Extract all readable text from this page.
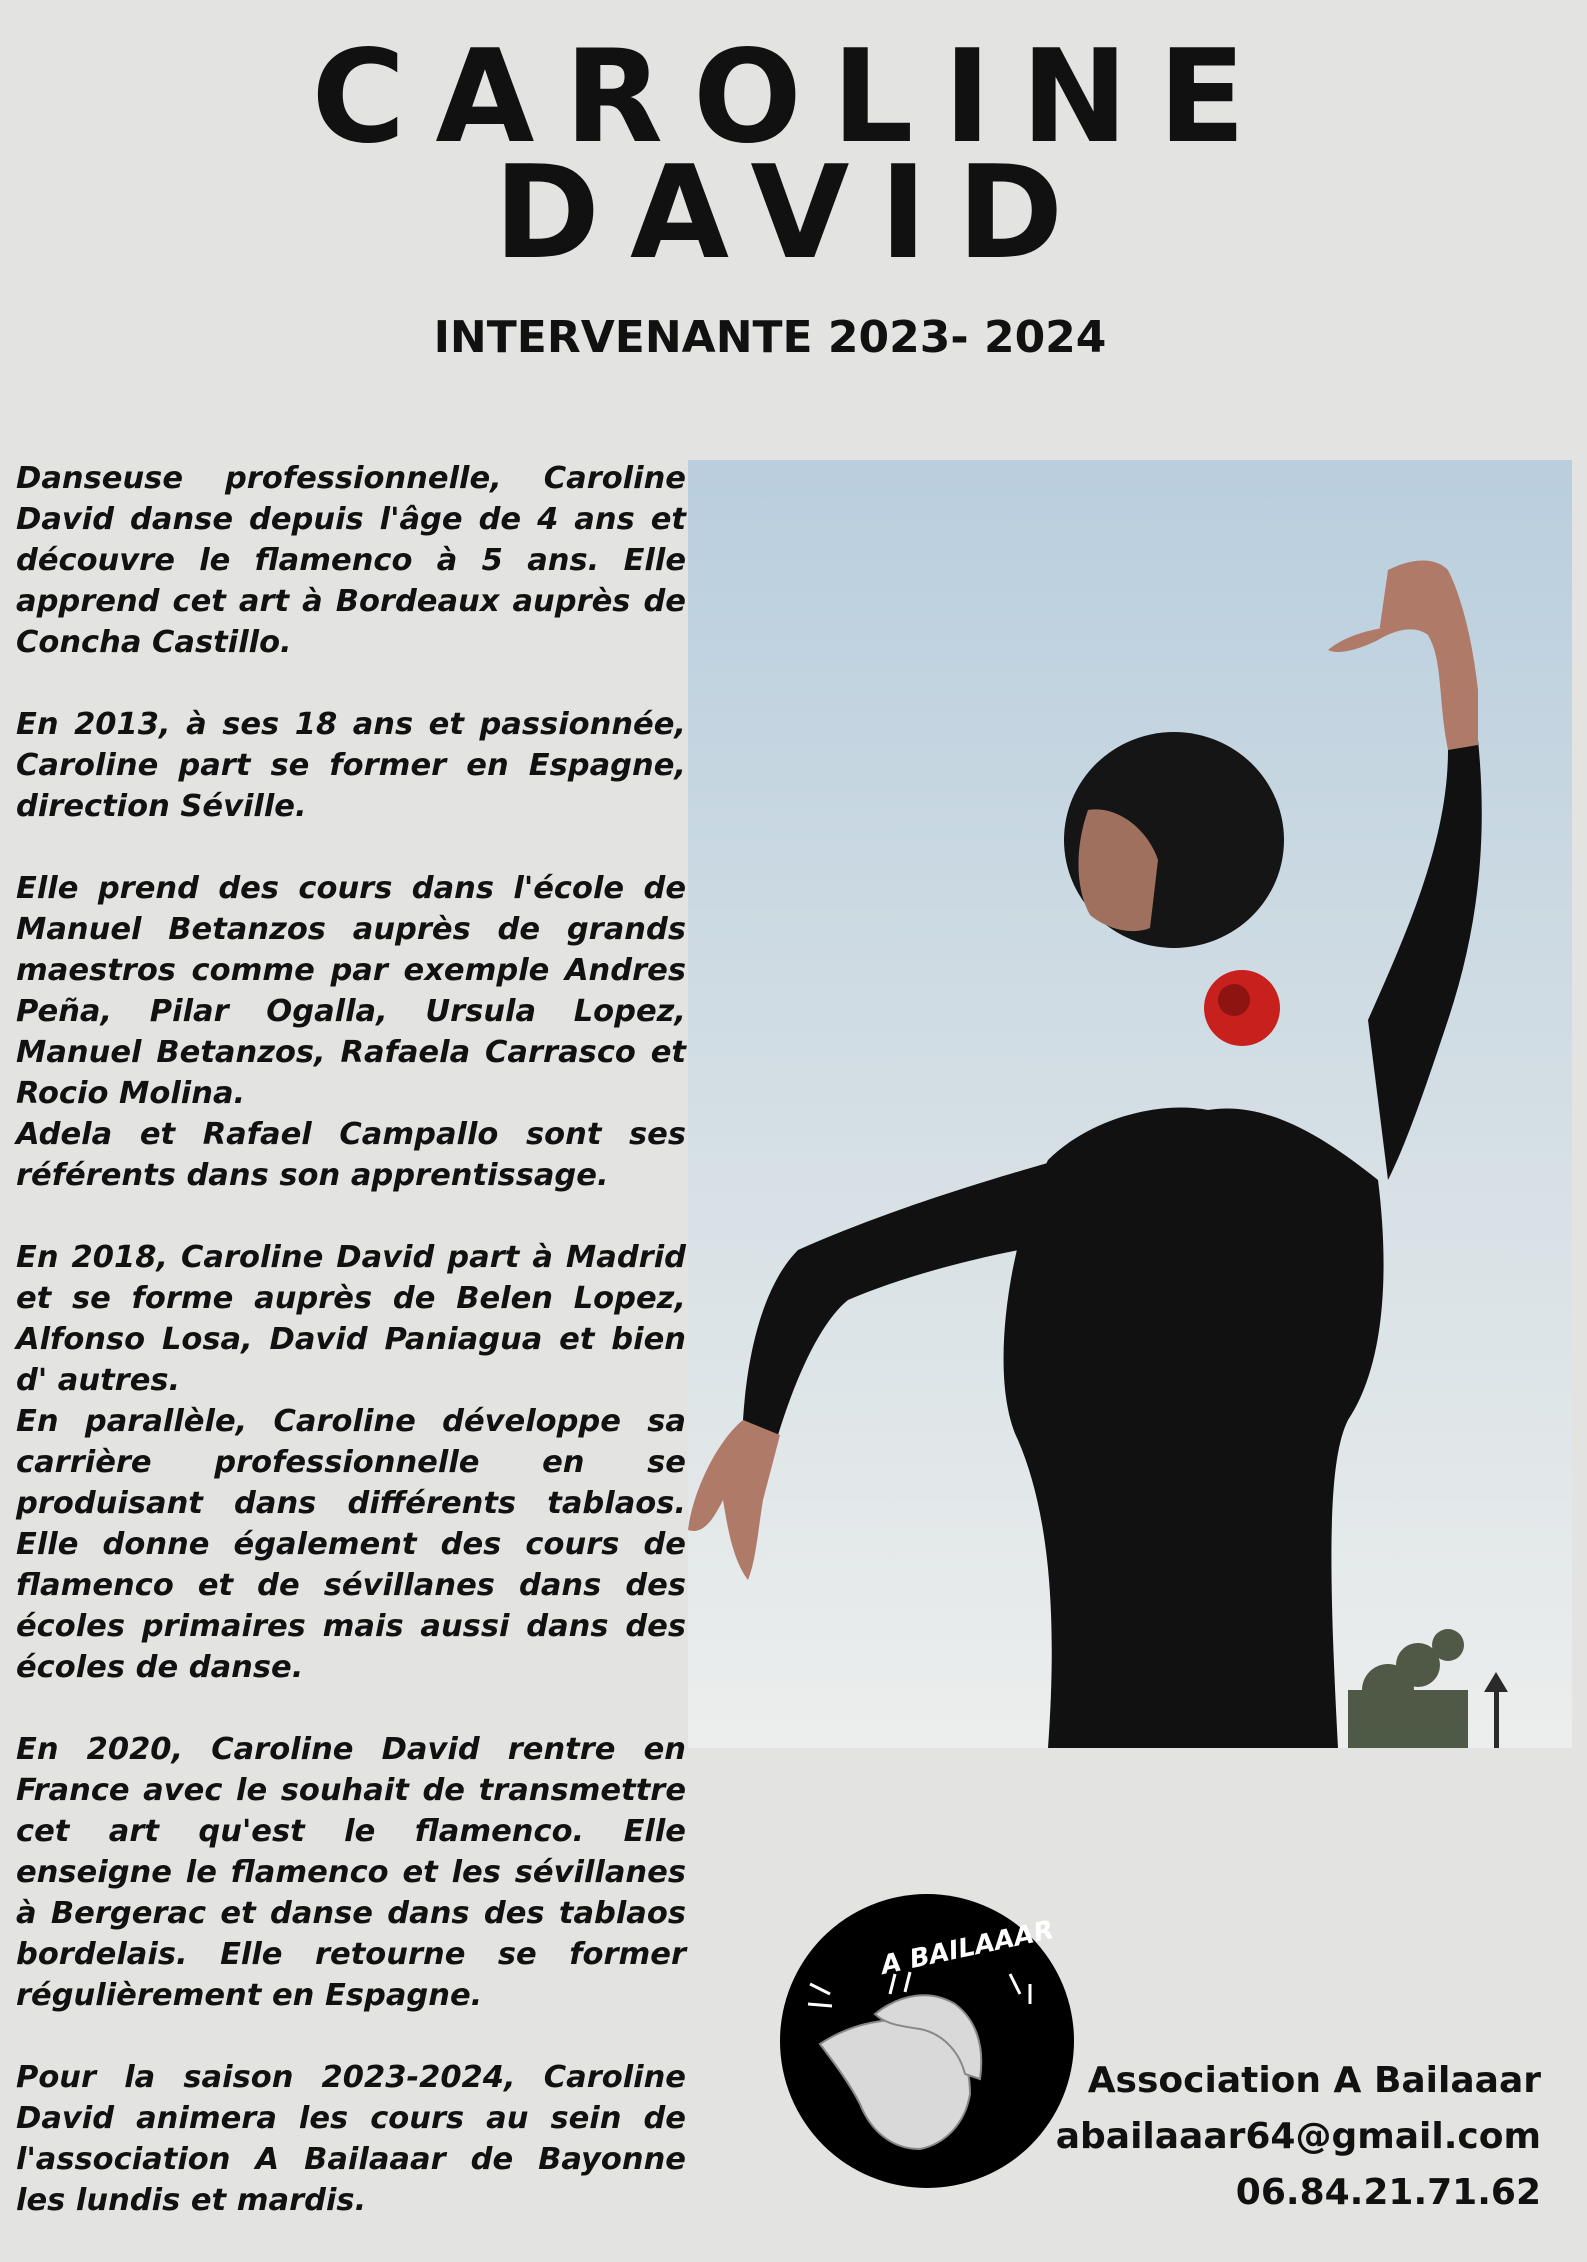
CAROLINE
DAVID
INTERVENANTE 2023- 2024

Danseuse professionnelle, Caroline David danse depuis l'âge de 4 ans et découvre le flamenco à 5 ans. Elle apprend cet art à Bordeaux auprès de Concha Castillo.

En 2013, à ses 18 ans et passionnée, Caroline part se former en Espagne, direction Séville.

Elle prend des cours dans l'école de Manuel Betanzos auprès de grands maestros comme par exemple Andres Peña, Pilar Ogalla, Ursula Lopez, Manuel Betanzos, Rafaela Carrasco et Rocio Molina.
Adela et Rafael Campallo sont ses référents dans son apprentissage.

En 2018, Caroline David part à Madrid et se forme auprès de Belen Lopez, Alfonso Losa, David Paniagua et bien d' autres.
En parallèle, Caroline développe sa carrière professionnelle en se produisant dans différents tablaos. Elle donne également des cours de flamenco et de sévillanes dans des écoles primaires mais aussi dans des écoles de danse.

En 2020, Caroline David rentre en France avec le souhait de transmettre cet art qu'est le flamenco. Elle enseigne le flamenco et les sévillanes à Bergerac et danse dans des tablaos bordelais. Elle retourne se former régulièrement en Espagne.

Pour la saison 2023-2024, Caroline David animera les cours au sein de l'association A Bailaaar de Bayonne les lundis et mardis.

A BAILAAAR
Association A Bailaaar
abailaaar64@gmail.com
06.84.21.71.62
